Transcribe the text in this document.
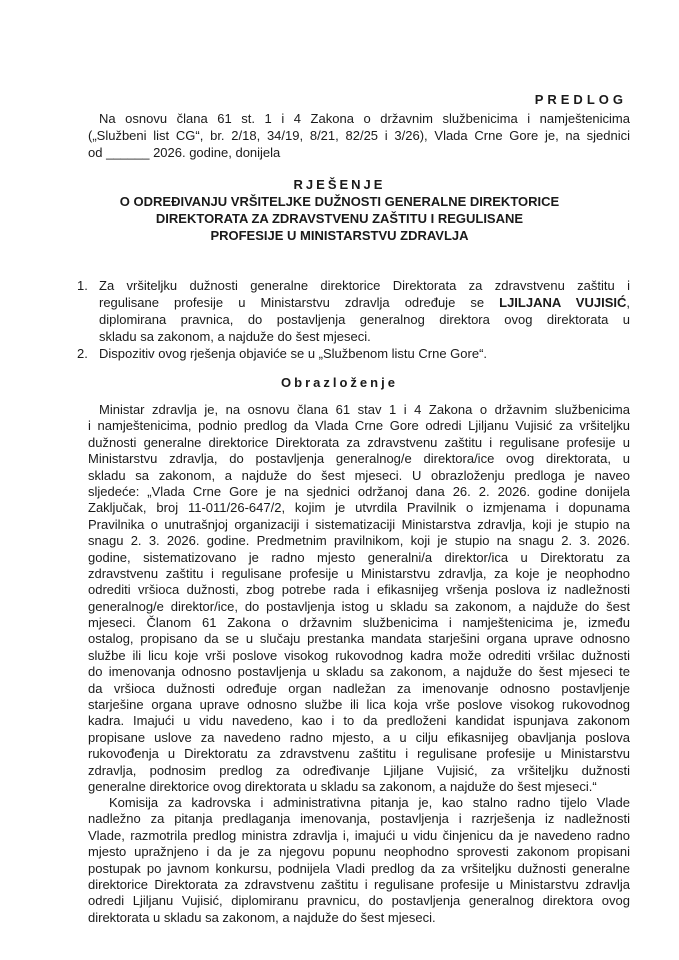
PREDLOG
Na osnovu člana 61 st. 1 i 4 Zakona o državnim službenicima i namještenicima
(„Službeni list CG“, br. 2/18, 34/19, 8/21, 82/25 i 3/26), Vlada Crne Gore je, na sjednici
od ______ 2026. godine, donijela
RJEŠENJE
O ODREĐIVANJU VRŠITELJKE DUŽNOSTI GENERALNE DIREKTORICE
DIREKTORATA ZA ZDRAVSTVENU ZAŠTITU I REGULISANE
PROFESIJE U MINISTARSTVU ZDRAVLJA
1. Za vršiteljku dužnosti generalne direktorice Direktorata za zdravstvenu zaštitu i
regulisane profesije u Ministarstvu zdravlja određuje se LJILJANA VUJISIĆ,
diplomirana pravnica, do postavljenja generalnog direktora ovog direktorata u
skladu sa zakonom, a najduže do šest mjeseci.
2. Dispozitiv ovog rješenja objaviće se u „Službenom listu Crne Gore“.
Obrazloženje
Ministar zdravlja je, na osnovu člana 61 stav 1 i 4 Zakona o državnim službenicima
i namještenicima, podnio predlog da Vlada Crne Gore odredi Ljiljanu Vujisić za vršiteljku
dužnosti generalne direktorice Direktorata za zdravstvenu zaštitu i regulisane profesije u
Ministarstvu zdravlja, do postavljenja generalnog/e direktora/ice ovog direktorata, u
skladu sa zakonom, a najduže do šest mjeseci. U obrazloženju predloga je naveo
sljedeće: „Vlada Crne Gore je na sjednici održanoj dana 26. 2. 2026. godine donijela
Zaključak, broj 11-011/26-647/2, kojim je utvrdila Pravilnik o izmjenama i dopunama
Pravilnika o unutrašnjoj organizaciji i sistematizaciji Ministarstva zdravlja, koji je stupio na
snagu 2. 3. 2026. godine. Predmetnim pravilnikom, koji je stupio na snagu 2. 3. 2026.
godine, sistematizovano je radno mjesto generalni/a direktor/ica u Direktoratu za
zdravstvenu zaštitu i regulisane profesije u Ministarstvu zdravlja, za koje je neophodno
odrediti vršioca dužnosti, zbog potrebe rada i efikasnijeg vršenja poslova iz nadležnosti
generalnog/e direktor/ice, do postavljenja istog u skladu sa zakonom, a najduže do šest
mjeseci. Članom 61 Zakona o državnim službenicima i namještenicima je, između
ostalog, propisano da se u slučaju prestanka mandata starješini organa uprave odnosno
službe ili licu koje vrši poslove visokog rukovodnog kadra može odrediti vršilac dužnosti
do imenovanja odnosno postavljenja u skladu sa zakonom, a najduže do šest mjeseci te
da vršioca dužnosti određuje organ nadležan za imenovanje odnosno postavljenje
starješine organa uprave odnosno službe ili lica koja vrše poslove visokog rukovodnog
kadra. Imajući u vidu navedeno, kao i to da predloženi kandidat ispunjava zakonom
propisane uslove za navedeno radno mjesto, a u cilju efikasnijeg obavljanja poslova
rukovođenja u Direktoratu za zdravstvenu zaštitu i regulisane profesije u Ministarstvu
zdravlja, podnosim predlog za određivanje Ljiljane Vujisić, za vršiteljku dužnosti
generalne direktorice ovog direktorata u skladu sa zakonom, a najduže do šest mjeseci.“
Komisija za kadrovska i administrativna pitanja je, kao stalno radno tijelo Vlade
nadležno za pitanja predlaganja imenovanja, postavljenja i razrješenja iz nadležnosti
Vlade, razmotrila predlog ministra zdravlja i, imajući u vidu činjenicu da je navedeno radno
mjesto upražnjeno i da je za njegovu popunu neophodno sprovesti zakonom propisani
postupak po javnom konkursu, podnijela Vladi predlog da za vršiteljku dužnosti generalne
direktorice Direktorata za zdravstvenu zaštitu i regulisane profesije u Ministarstvu zdravlja
odredi Ljiljanu Vujisić, diplomiranu pravnicu, do postavljenja generalnog direktora ovog
direktorata u skladu sa zakonom, a najduže do šest mjeseci.
